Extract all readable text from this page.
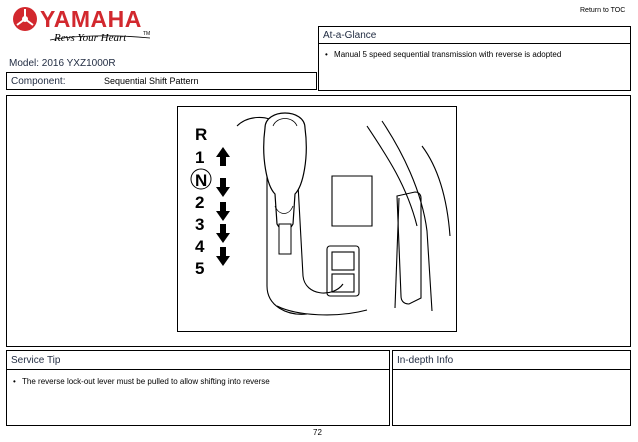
Return to TOC
YAMAHA
Revs Your Heart	TM
Model: 2016 YXZ1000R
Component:	Sequential Shift Pattern
At-a-Glance
• Manual 5 speed sequential transmission with reverse is adopted
R
1
N
2
3
4
5
Service Tip
• The reverse lock-out lever must be pulled to allow shifting into reverse
In-depth Info
72
